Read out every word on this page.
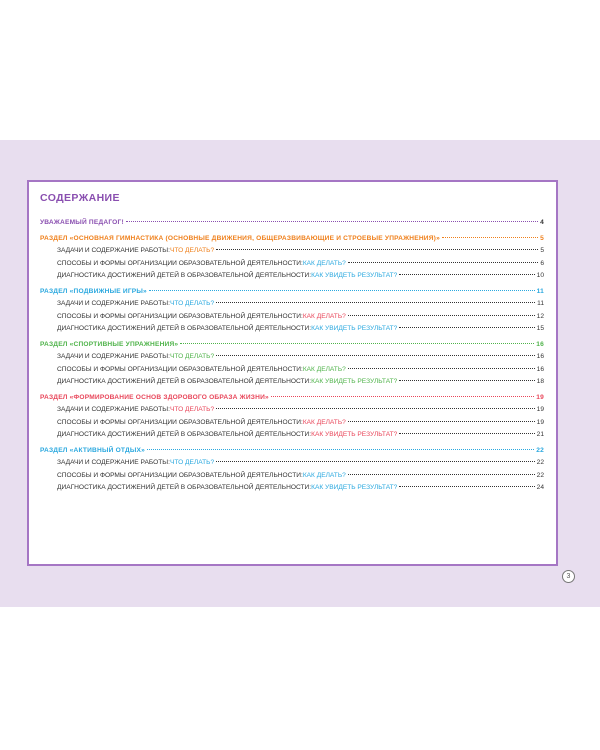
СОДЕРЖАНИЕ
УВАЖАЕМЫЙ ПЕДАГОГ!	4
РАЗДЕЛ «ОСНОВНАЯ ГИМНАСТИКА (ОСНОВНЫЕ ДВИЖЕНИЯ, ОБЩЕРАЗВИВАЮЩИЕ И СТРОЕВЫЕ УПРАЖНЕНИЯ)»	5
ЗАДАЧИ И СОДЕРЖАНИЕ РАБОТЫ: ЧТО ДЕЛАТЬ?	5
СПОСОБЫ И ФОРМЫ ОРГАНИЗАЦИИ ОБРАЗОВАТЕЛЬНОЙ ДЕЯТЕЛЬНОСТИ: КАК ДЕЛАТЬ?	6
ДИАГНОСТИКА ДОСТИЖЕНИЙ ДЕТЕЙ В ОБРАЗОВАТЕЛЬНОЙ ДЕЯТЕЛЬНОСТИ: КАК УВИДЕТЬ РЕЗУЛЬТАТ?	10
РАЗДЕЛ «ПОДВИЖНЫЕ ИГРЫ»	11
ЗАДАЧИ И СОДЕРЖАНИЕ РАБОТЫ: ЧТО ДЕЛАТЬ?	11
СПОСОБЫ И ФОРМЫ ОРГАНИЗАЦИИ ОБРАЗОВАТЕЛЬНОЙ ДЕЯТЕЛЬНОСТИ: КАК ДЕЛАТЬ?	12
ДИАГНОСТИКА ДОСТИЖЕНИЙ ДЕТЕЙ В ОБРАЗОВАТЕЛЬНОЙ ДЕЯТЕЛЬНОСТИ: КАК УВИДЕТЬ РЕЗУЛЬТАТ?	15
РАЗДЕЛ «СПОРТИВНЫЕ УПРАЖНЕНИЯ»	16
ЗАДАЧИ И СОДЕРЖАНИЕ РАБОТЫ: ЧТО ДЕЛАТЬ?	16
СПОСОБЫ И ФОРМЫ ОРГАНИЗАЦИИ ОБРАЗОВАТЕЛЬНОЙ ДЕЯТЕЛЬНОСТИ: КАК ДЕЛАТЬ?	16
ДИАГНОСТИКА ДОСТИЖЕНИЙ ДЕТЕЙ В ОБРАЗОВАТЕЛЬНОЙ ДЕЯТЕЛЬНОСТИ: КАК УВИДЕТЬ РЕЗУЛЬТАТ?	18
РАЗДЕЛ «ФОРМИРОВАНИЕ ОСНОВ ЗДОРОВОГО ОБРАЗА ЖИЗНИ»	19
ЗАДАЧИ И СОДЕРЖАНИЕ РАБОТЫ: ЧТО ДЕЛАТЬ?	19
СПОСОБЫ И ФОРМЫ ОРГАНИЗАЦИИ ОБРАЗОВАТЕЛЬНОЙ ДЕЯТЕЛЬНОСТИ: КАК ДЕЛАТЬ?	19
ДИАГНОСТИКА ДОСТИЖЕНИЙ ДЕТЕЙ В ОБРАЗОВАТЕЛЬНОЙ ДЕЯТЕЛЬНОСТИ: КАК УВИДЕТЬ РЕЗУЛЬТАТ?	21
РАЗДЕЛ «АКТИВНЫЙ ОТДЫХ»	22
ЗАДАЧИ И СОДЕРЖАНИЕ РАБОТЫ: ЧТО ДЕЛАТЬ?	22
СПОСОБЫ И ФОРМЫ ОРГАНИЗАЦИИ ОБРАЗОВАТЕЛЬНОЙ ДЕЯТЕЛЬНОСТИ: КАК ДЕЛАТЬ?	22
ДИАГНОСТИКА ДОСТИЖЕНИЙ ДЕТЕЙ В ОБРАЗОВАТЕЛЬНОЙ ДЕЯТЕЛЬНОСТИ: КАК УВИДЕТЬ РЕЗУЛЬТАТ?	24
3
